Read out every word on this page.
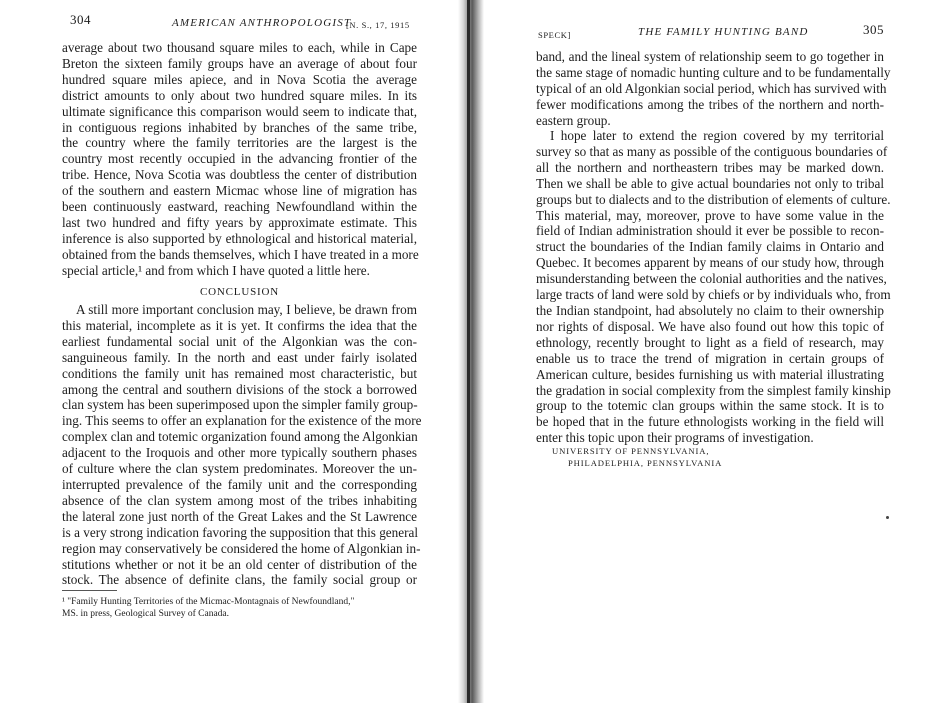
304	AMERICAN ANTHROPOLOGIST
[N. S., 17, 1915
average about two thousand square miles to each, while in Cape
Breton the sixteen family groups have an average of about four
hundred square miles apiece, and in Nova Scotia the average
district amounts to only about two hundred square miles. In its
ultimate significance this comparison would seem to indicate that,
in contiguous regions inhabited by branches of the same tribe,
the country where the family territories are the largest is the
country most recently occupied in the advancing frontier of the
tribe. Hence, Nova Scotia was doubtless the center of distribution
of the southern and eastern Micmac whose line of migration has
been continuously eastward, reaching Newfoundland within the
last two hundred and fifty years by approximate estimate. This
inference is also supported by ethnological and historical material,
obtained from the bands themselves, which I have treated in a more
special article,¹ and from which I have quoted a little here.
CONCLUSION
A still more important conclusion may, I believe, be drawn from
this material, incomplete as it is yet. It confirms the idea that the
earliest fundamental social unit of the Algonkian was the con-
sanguineous family. In the north and east under fairly isolated
conditions the family unit has remained most characteristic, but
among the central and southern divisions of the stock a borrowed
clan system has been superimposed upon the simpler family group-
ing. This seems to offer an explanation for the existence of the more
complex clan and totemic organization found among the Algonkian
adjacent to the Iroquois and other more typically southern phases
of culture where the clan system predominates. Moreover the un-
interrupted prevalence of the family unit and the corresponding
absence of the clan system among most of the tribes inhabiting
the lateral zone just north of the Great Lakes and the St Lawrence
is a very strong indication favoring the supposition that this general
region may conservatively be considered the home of Algonkian in-
stitutions whether or not it be an old center of distribution of the
stock. The absence of definite clans, the family social group or
¹ "Family Hunting Territories of the Micmac-Montagnais of Newfoundland,"
MS. in press, Geological Survey of Canada.
SPECK]	THE FAMILY HUNTING BAND	305
band, and the lineal system of relationship seem to go together in
the same stage of nomadic hunting culture and to be fundamentally
typical of an old Algonkian social period, which has survived with
fewer modifications among the tribes of the northern and north-
eastern group.
I hope later to extend the region covered by my territorial
survey so that as many as possible of the contiguous boundaries of
all the northern and northeastern tribes may be marked down.
Then we shall be able to give actual boundaries not only to tribal
groups but to dialects and to the distribution of elements of culture.
This material, may, moreover, prove to have some value in the
field of Indian administration should it ever be possible to recon-
struct the boundaries of the Indian family claims in Ontario and
Quebec. It becomes apparent by means of our study how, through
misunderstanding between the colonial authorities and the natives,
large tracts of land were sold by chiefs or by individuals who, from
the Indian standpoint, had absolutely no claim to their ownership
nor rights of disposal. We have also found out how this topic of
ethnology, recently brought to light as a field of research, may
enable us to trace the trend of migration in certain groups of
American culture, besides furnishing us with material illustrating
the gradation in social complexity from the simplest family kinship
group to the totemic clan groups within the same stock. It is to
be hoped that in the future ethnologists working in the field will
enter this topic upon their programs of investigation.
UNIVERSITY OF PENNSYLVANIA,
PHILADELPHIA, PENNSYLVANIA
